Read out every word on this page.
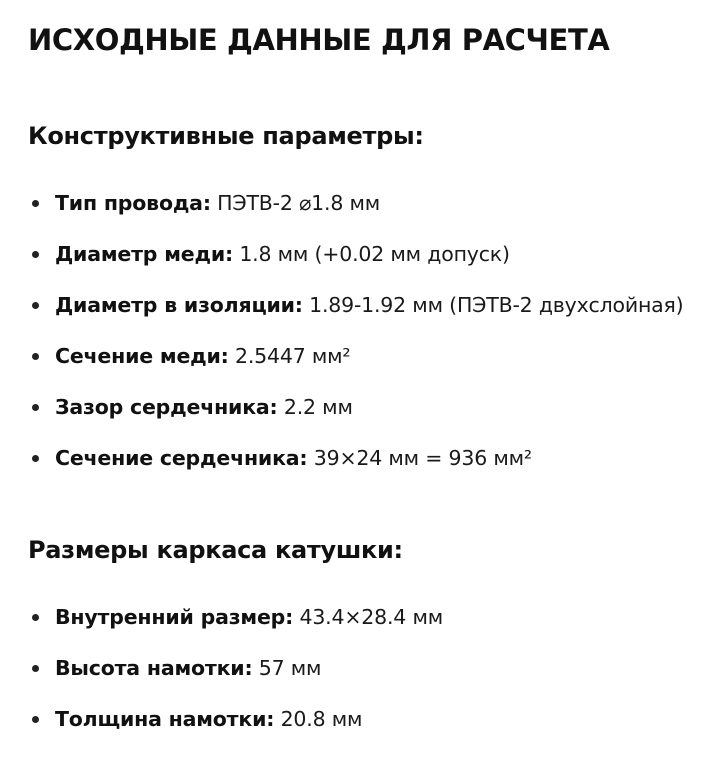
ИСХОДНЫЕ ДАННЫЕ ДЛЯ РАСЧЕТА
Конструктивные параметры:
Тип провода: ПЭТВ-2 ⌀1.8 мм
Диаметр меди: 1.8 мм (+0.02 мм допуск)
Диаметр в изоляции: 1.89-1.92 мм (ПЭТВ-2 двухслойная)
Сечение меди: 2.5447 мм²
Зазор сердечника: 2.2 мм
Сечение сердечника: 39×24 мм = 936 мм²
Размеры каркаса катушки:
Внутренний размер: 43.4×28.4 мм
Высота намотки: 57 мм
Толщина намотки: 20.8 мм
